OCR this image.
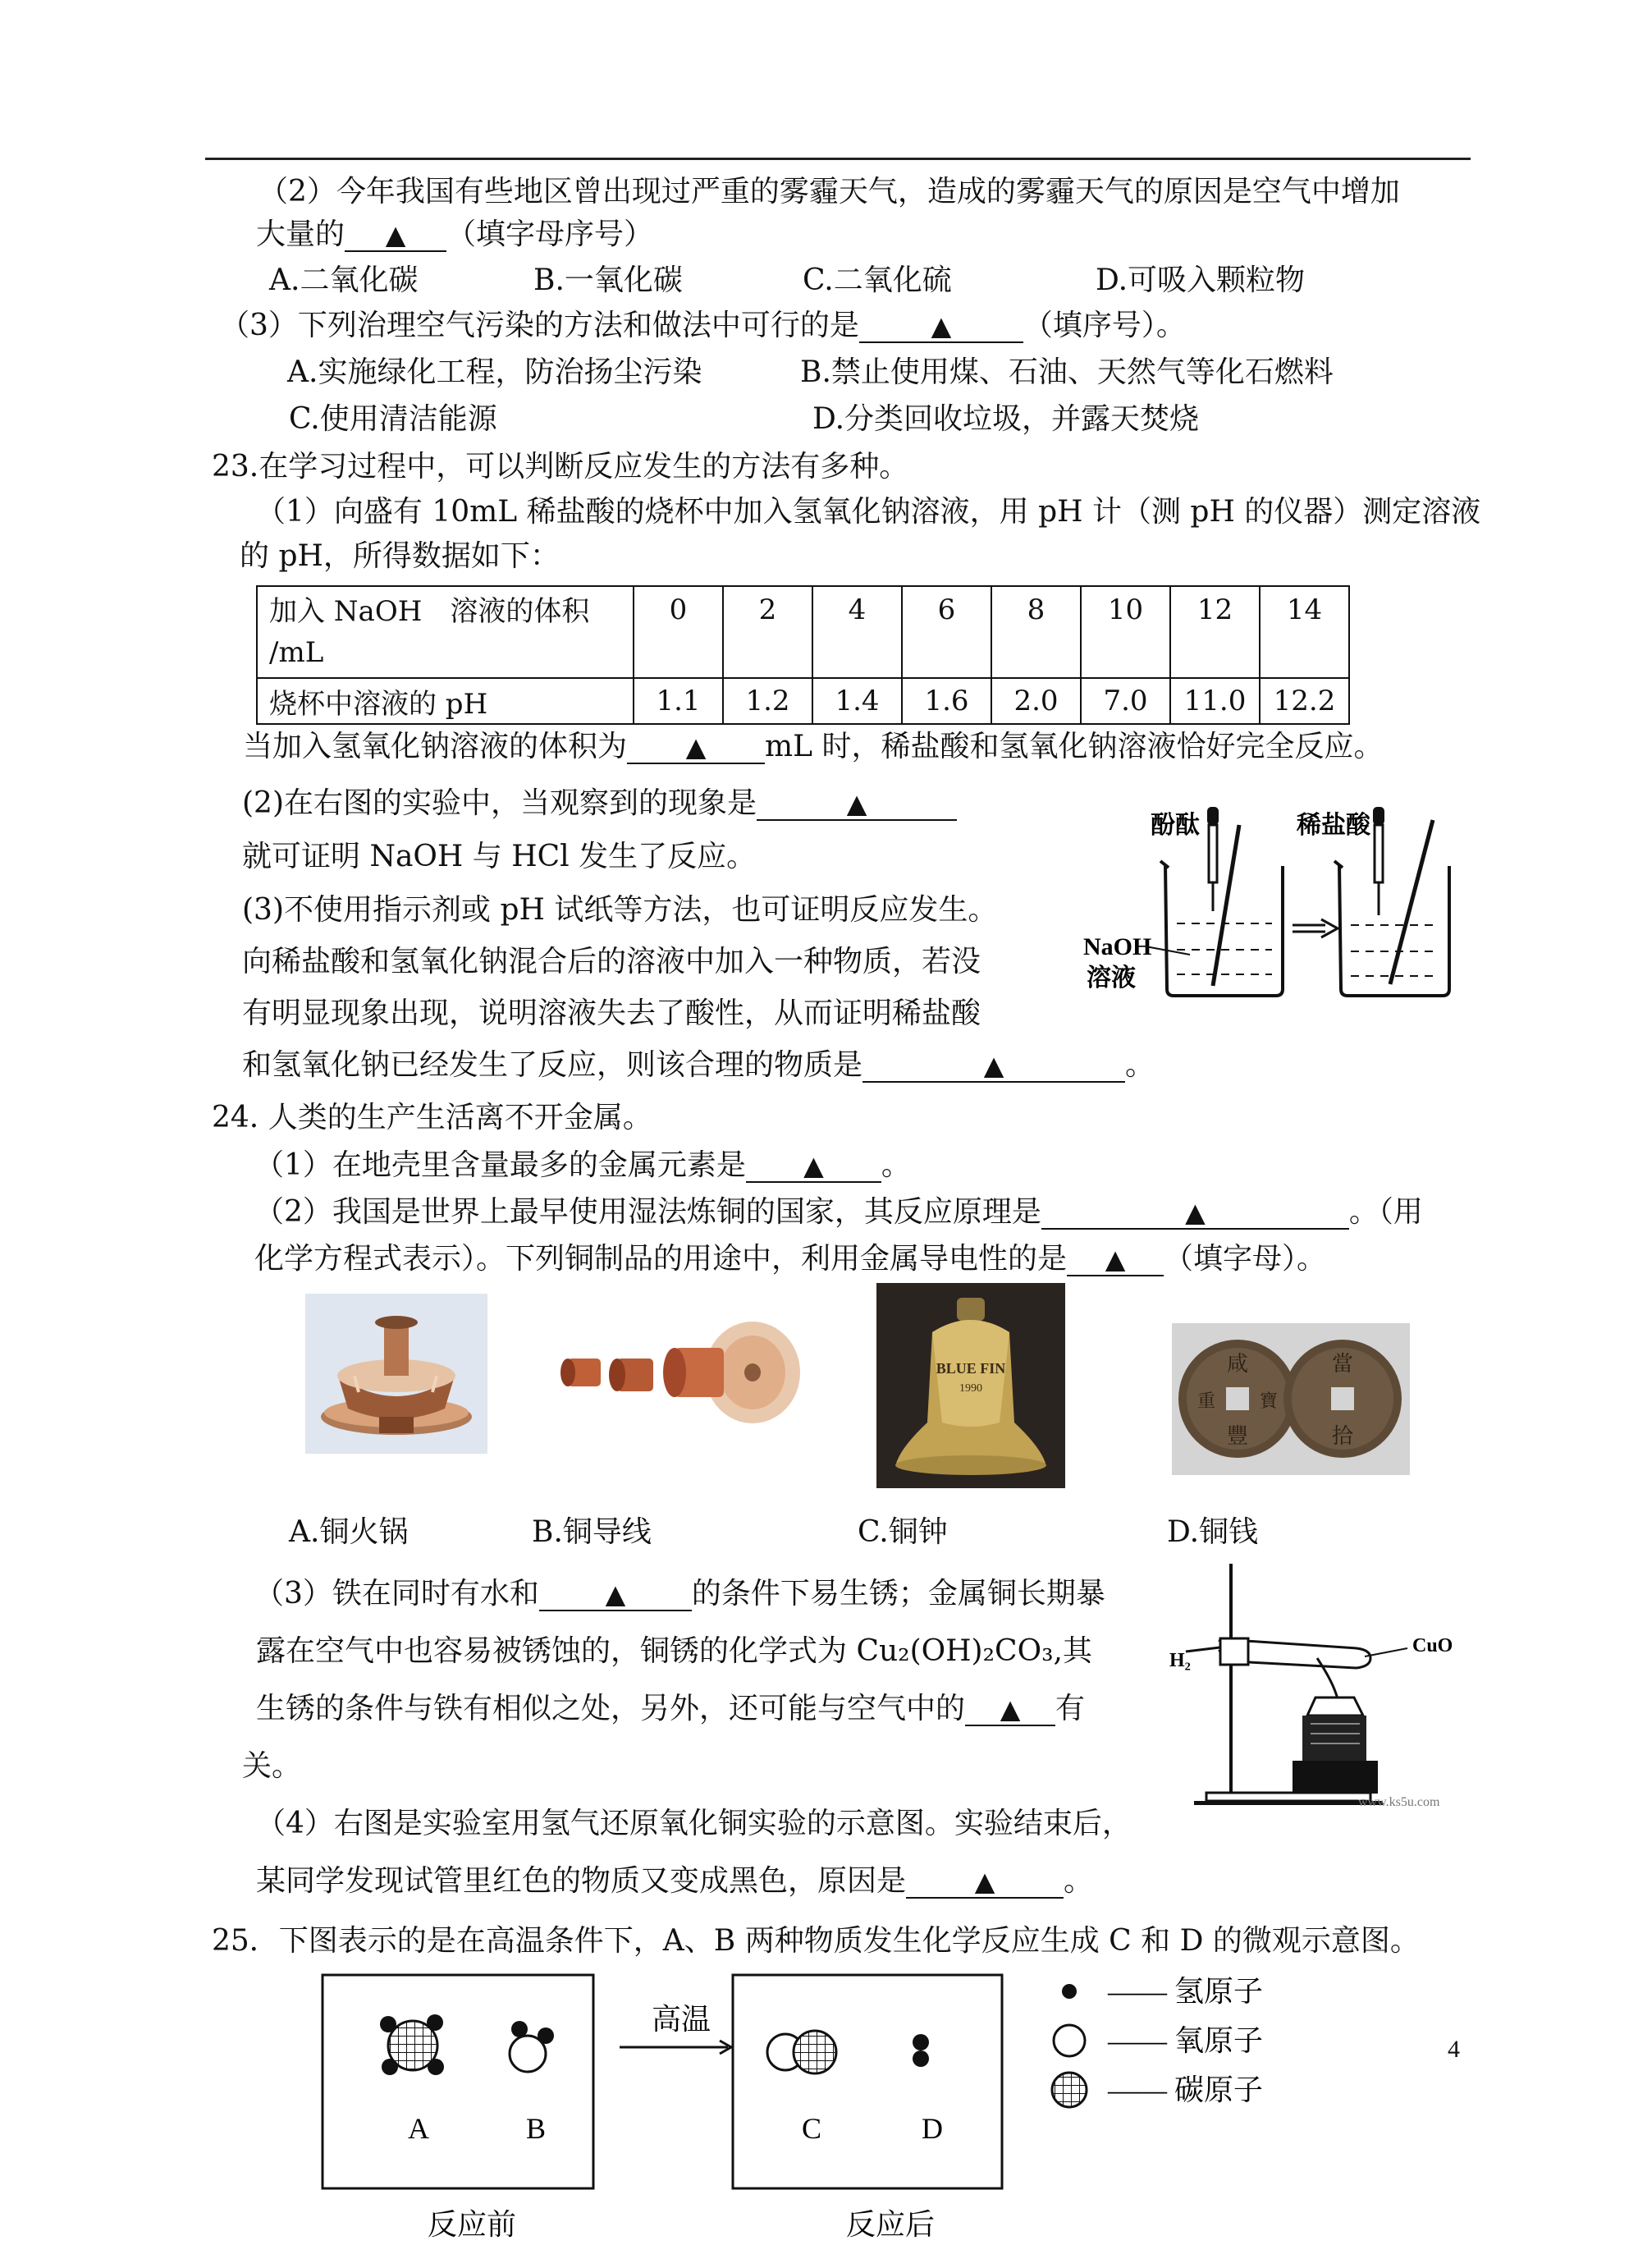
（2）今年我国有些地区曾出现过严重的雾霾天气，造成的雾霾天气的原因是空气中增加
大量的 ▲ （填字母序号）
A.二氧化碳	B.一氧化碳	C.二氧化硫	D.可吸入颗粒物
（3）下列治理空气污染的方法和做法中可行的是	▲ （填序号）。
A.实施绿化工程，防治扬尘污染	B.禁止使用煤、石油、天然气等化石燃料
C.使用清洁能源	D.分类回收垃圾，并露天焚烧
23.在学习过程中，可以判断反应发生的方法有多种。
（1）向盛有 10mL 稀盐酸的烧杯中加入氢氧化钠溶液，用 pH 计（测 pH 的仪器）测定溶液
的 pH，所得数据如下：
加入 NaOH　溶液的体积
/mL	0	2	4	6	8	10	12	14
烧杯中溶液的 pH	1.1	1.2	1.4	1.6	2.0	7.0	11.0	12.2
当加入氢氧化钠溶液的体积为 ▲ mL 时，稀盐酸和氢氧化钠溶液恰好完全反应。
(2)在右图的实验中，当观察到的现象是	▲
就可证明 NaOH 与 HCl 发生了反应。
(3)不使用指示剂或 pH 试纸等方法，也可证明反应发生。
向稀盐酸和氢氧化钠混合后的溶液中加入一种物质，若没
有明显现象出现，说明溶液失去了酸性，从而证明稀盐酸
和氢氧化钠已经发生了反应，则该合理的物质是	▲	。
酚酞	稀盐酸
NaOH
溶液
24. 人类的生产生活离不开金属。
（1）在地壳里含量最多的金属元素是 ▲ 。
（2）我国是世界上最早使用湿法炼铜的国家，其反应原理是	▲	。（用
化学方程式表示）。下列铜制品的用途中，利用金属导电性的是 ▲ （填字母）。
BLUE FIN
1990
咸
豐
當
拾
重 寶
A.铜火锅	B.铜导线	C.铜钟	D.铜钱
（3）铁在同时有水和	▲ 的条件下易生锈；金属铜长期暴
露在空气中也容易被锈蚀的，铜锈的化学式为 Cu₂(OH)₂CO₃,其
生锈的条件与铁有相似之处，另外，还可能与空气中的 ▲ 有
关。
（4）右图是实验室用氢气还原氧化铜实验的示意图。实验结束后，
某同学发现试管里红色的物质又变成黑色，原因是	▲ 。
H₂
CuO
www.ks5u.com
25．下图表示的是在高温条件下，A、B 两种物质发生化学反应生成 C 和 D 的微观示意图。
A	B
高温
C	D
反应前	反应后
—— 氢原子
—— 氧原子
—— 碳原子
4
